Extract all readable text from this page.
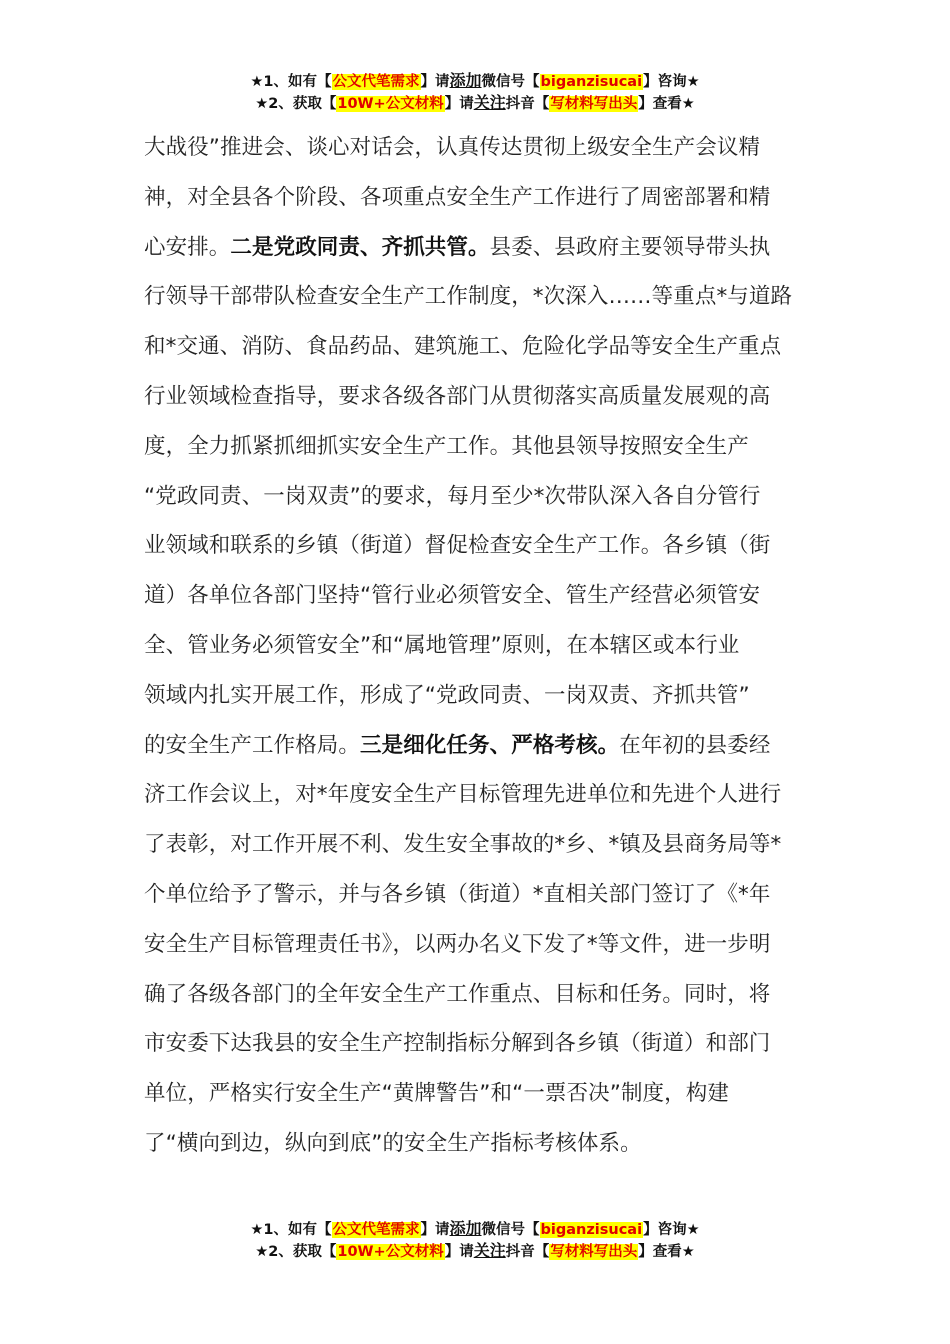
★1、如有【公文代笔需求】请添加微信号【biganzisucai】咨询★
★2、获取【10W+公文材料】请关注抖音【写材料写出头】查看★
大战役”推进会、谈心对话会，认真传达贯彻上级安全生产会议精
神，对全县各个阶段、各项重点安全生产工作进行了周密部署和精
心安排。二是党政同责、齐抓共管。县委、县政府主要领导带头执
行领导干部带队检查安全生产工作制度，*次深入……等重点*与道路
和*交通、消防、食品药品、建筑施工、危险化学品等安全生产重点
行业领域检查指导，要求各级各部门从贯彻落实高质量发展观的高
度，全力抓紧抓细抓实安全生产工作。其他县领导按照安全生产
“党政同责、一岗双责”的要求，每月至少*次带队深入各自分管行
业领域和联系的乡镇（街道）督促检查安全生产工作。各乡镇（街
道）各单位各部门坚持“管行业必须管安全、管生产经营必须管安
全、管业务必须管安全”和“属地管理”原则，在本辖区或本行业
领域内扎实开展工作，形成了“党政同责、一岗双责、齐抓共管”
的安全生产工作格局。三是细化任务、严格考核。在年初的县委经
济工作会议上，对*年度安全生产目标管理先进单位和先进个人进行
了表彰，对工作开展不利、发生安全事故的*乡、*镇及县商务局等*
个单位给予了警示，并与各乡镇（街道）*直相关部门签订了《*年
安全生产目标管理责任书》，以两办名义下发了*等文件，进一步明
确了各级各部门的全年安全生产工作重点、目标和任务。同时，将
市安委下达我县的安全生产控制指标分解到各乡镇（街道）和部门
单位，严格实行安全生产“黄牌警告”和“一票否决”制度，构建
了“横向到边，纵向到底”的安全生产指标考核体系。
★1、如有【公文代笔需求】请添加微信号【biganzisucai】咨询★
★2、获取【10W+公文材料】请关注抖音【写材料写出头】查看★
